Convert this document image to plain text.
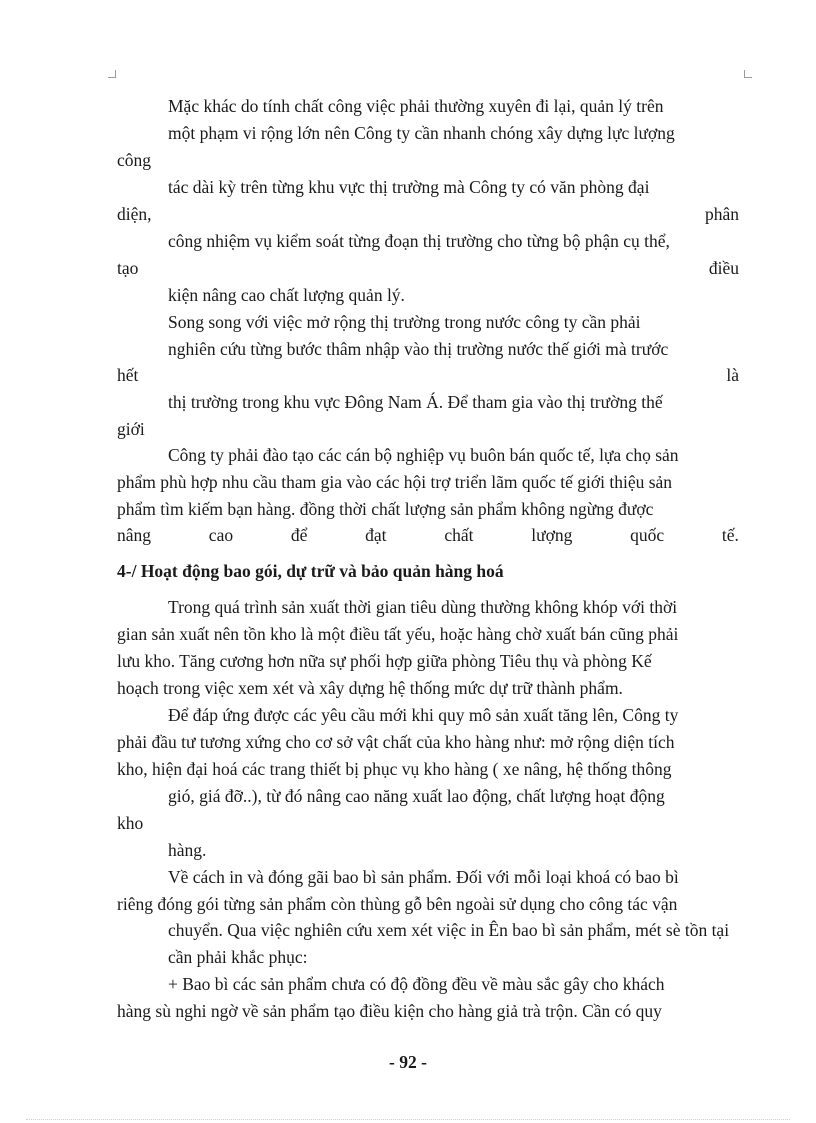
Mặc khác do tính chất công việc phải thường xuyên đi lại, quản lý trên
một phạm vi rộng lớn nên Công ty cần nhanh chóng xây dựng lực lượng
công
tác dài kỳ trên từng khu vực thị trường mà Công ty có văn phòng đại
diện,	phân
công nhiệm vụ kiểm soát từng đoạn thị trường cho từng bộ phận cụ thể,
tạo	điều
kiện nâng cao chất lượng quản lý.
Song song với việc mở rộng thị trường trong nước công ty cần phải
nghiên cứu từng bước thâm nhập vào thị trường nước thế giới mà trước
hết	là
thị trường trong khu vực Đông Nam Á. Để tham gia vào thị trường thế
giới
Công ty phải đào tạo các cán bộ nghiệp vụ buôn bán quốc tế, lựa chọ sản
phẩm phù hợp nhu cầu tham gia vào các hội trợ triển lãm quốc tế giới thiệu sản
phẩm tìm kiếm bạn hàng. đồng thời chất lượng sản phẩm không ngừng được
nâng	cao	để	đạt	chất	lượng	quốc	tế.
4-/ Hoạt động bao gói, dự trữ và bảo quản hàng hoá
Trong quá trình sản xuất thời gian tiêu dùng thường không khóp với thời
gian sản xuất nên tồn kho là một điều tất yếu, hoặc hàng chờ xuất bán cũng phải
lưu kho. Tăng cương hơn nữa sự phối hợp giữa phòng Tiêu thụ và phòng Kế
hoạch trong việc xem xét và xây dựng hệ thống mức dự trữ thành phẩm.
Để đáp ứng được các yêu cầu mới khi quy mô sản xuất tăng lên, Công ty
phải đầu tư tương xứng cho cơ sở vật chất của kho hàng như: mở rộng diện tích
kho, hiện đại hoá các trang thiết bị phục vụ kho hàng ( xe nâng, hệ thống thông
gió, giá đỡ..), từ đó nâng cao năng xuất lao động, chất lượng hoạt động
kho
hàng.
Về cách in và đóng gãi bao bì sản phẩm. Đối với mỗi loại khoá có bao bì
riêng đóng gói từng sản phẩm còn thùng gỗ bên ngoài sử dụng cho công tác vận
chuyển. Qua việc nghiên cứu xem xét việc in Ên bao bì sản phẩm, mét sè tồn tại
cần phải khắc phục:
+ Bao bì các sản phẩm chưa có độ đồng đều về màu sắc gây cho khách
hàng sù nghi ngờ về sản phẩm tạo điều kiện cho hàng giả trà trộn. Cần có quy
- 92 -
